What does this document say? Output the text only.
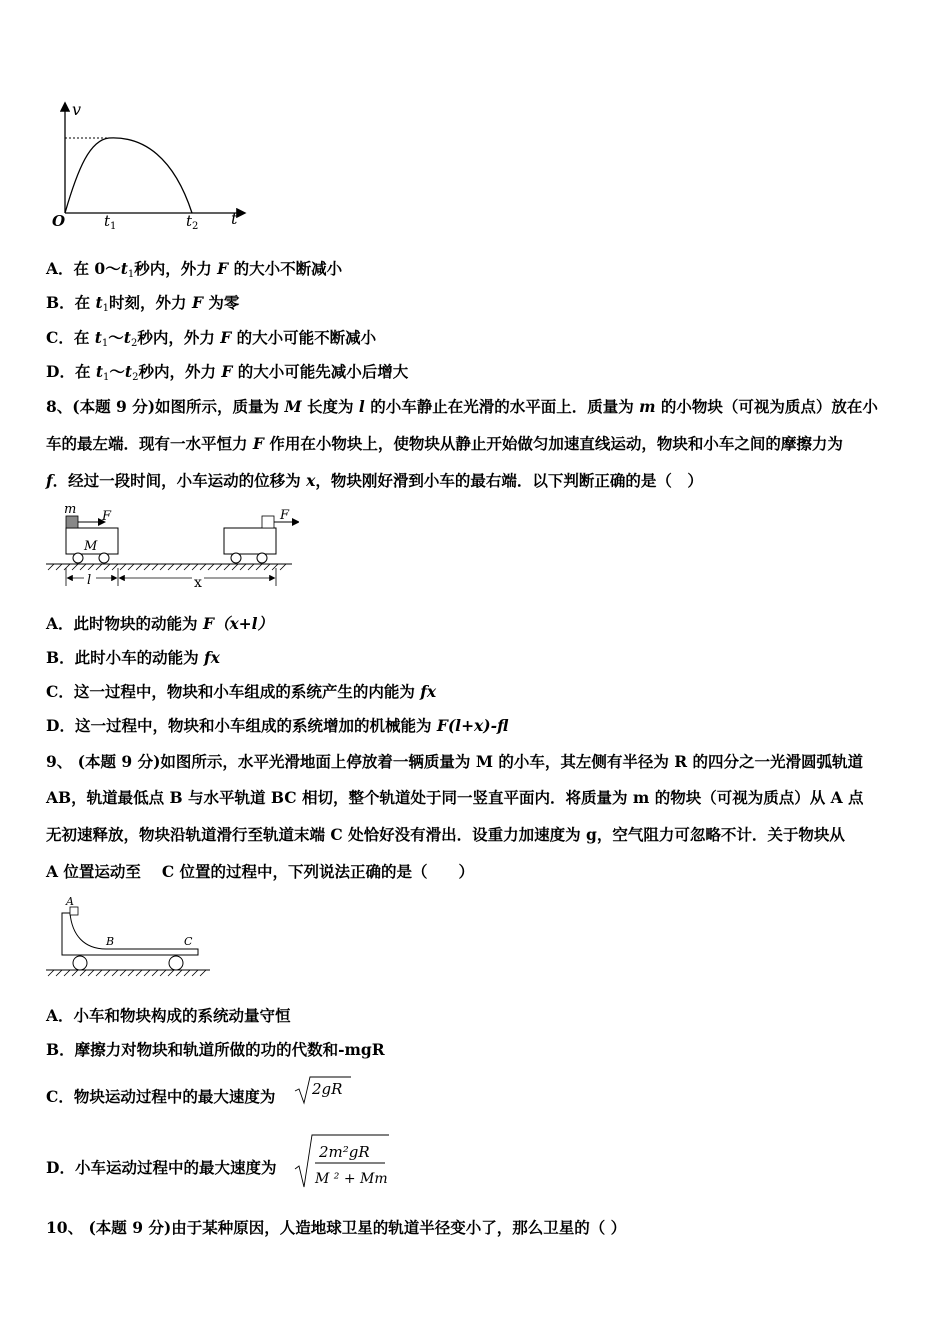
v
O	$t_1$	$t_2$ t
A．在 0～t1秒内，外力 F 的大小不断减小
B．在 t1时刻，外力 F 为零
C．在 t1～t2秒内，外力 F 的大小可能不断减小
D．在 t1～t2秒内，外力 F 的大小可能先减小后增大
8、(本题 9 分)如图所示，质量为 M 长度为 l 的小车静止在光滑的水平面上．质量为 m 的小物块（可视为质点）放在小
车的最左端．现有一水平恒力 F 作用在小物块上，使物块从静止开始做匀加速直线运动，物块和小车之间的摩擦力为
f．经过一段时间，小车运动的位移为 x，物块刚好滑到小车的最右端．以下判断正确的是（　）
m F
M
F
l	x
A．此时物块的动能为 F（x+l）
B．此时小车的动能为 fx
C．这一过程中，物块和小车组成的系统产生的内能为 fx
D．这一过程中，物块和小车组成的系统增加的机械能为 F(l+x)-fl
9、 (本题 9 分)如图所示，水平光滑地面上停放着一辆质量为 M 的小车，其左侧有半径为 R 的四分之一光滑圆弧轨道
AB，轨道最低点 B 与水平轨道 BC 相切，整个轨道处于同一竖直平面内．将质量为 m 的物块（可视为质点）从 A 点
无初速释放，物块沿轨道滑行至轨道末端 C 处恰好没有滑出．设重力加速度为 g，空气阻力可忽略不计．关于物块从
A 位置运动至　 C 位置的过程中，下列说法正确的是（　　）
A
B	C
A．小车和物块构成的系统动量守恒
B．摩擦力对物块和轨道所做的功的代数和-mgR
C．物块运动过程中的最大速度为 2gR
D．小车运动过程中的最大速度为
2m²gR
M ² + Mm
10、 (本题 9 分)由于某种原因，人造地球卫星的轨道半径变小了，那么卫星的（ ）
